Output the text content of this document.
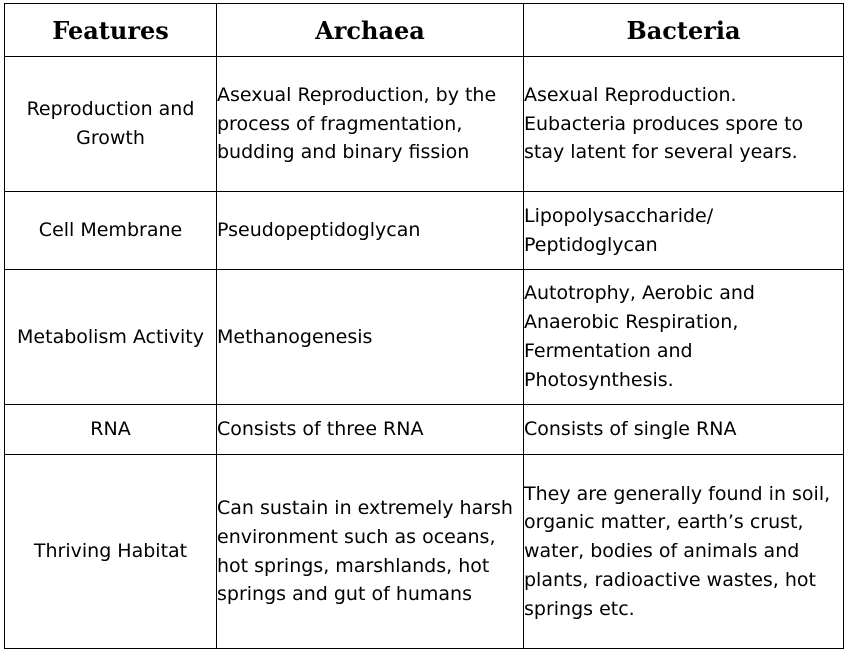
Features	Archaea	Bacteria
Reproduction and Growth	Asexual Reproduction, by the process of fragmentation, budding and binary fission	Asexual Reproduction. Eubacteria produces spore to stay latent for several years.
Cell Membrane	Pseudopeptidoglycan	Lipopolysaccharide/ Peptidoglycan
Metabolism Activity	Methanogenesis	Autotrophy, Aerobic and Anaerobic Respiration, Fermentation and Photosynthesis.
RNA	Consists of three RNA	Consists of single RNA
Thriving Habitat	Can sustain in extremely harsh environment such as oceans, hot springs, marshlands, hot springs and gut of humans	They are generally found in soil, organic matter, earth’s crust, water, bodies of animals and plants, radioactive wastes, hot springs etc.
